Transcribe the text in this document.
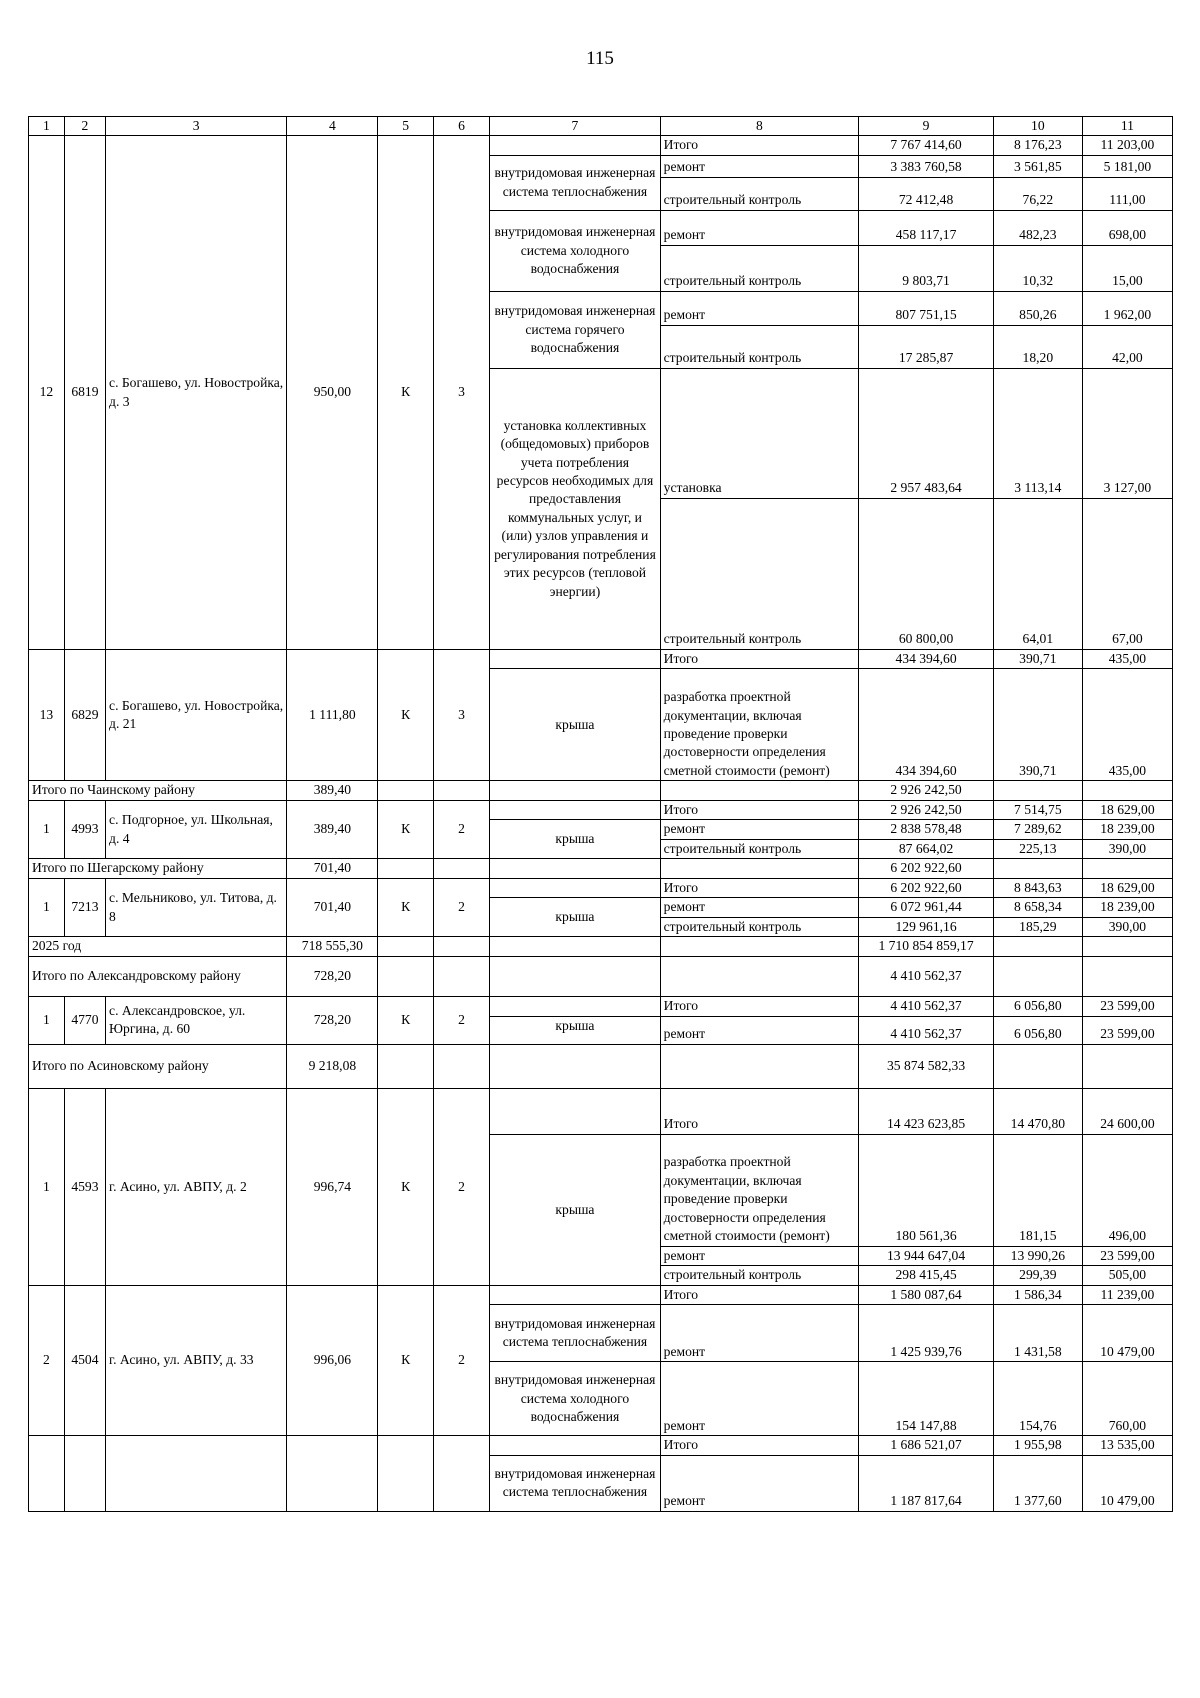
115
1	2	3	4	5	6	7	8	9	10	11
12	6819	с. Богашево, ул. Новостройка, д. 3	950,00	К	3		Итого	7 767 414,60	8 176,23	11 203,00
						внутридомовая инженерная система теплоснабжения	ремонт	3 383 760,58	3 561,85	5 181,00
							строительный контроль	72 412,48	76,22	111,00
						внутридомовая инженерная система холодного водоснабжения	ремонт	458 117,17	482,23	698,00
							строительный контроль	9 803,71	10,32	15,00
						внутридомовая инженерная система горячего водоснабжения	ремонт	807 751,15	850,26	1 962,00
							строительный контроль	17 285,87	18,20	42,00
						установка коллективных (общедомовых) приборов учета потребления ресурсов необходимых для предоставления коммунальных услуг, и (или) узлов управления и регулирования потребления этих ресурсов (тепловой энергии)	установка	2 957 483,64	3 113,14	3 127,00
							строительный контроль	60 800,00	64,01	67,00

13	6829	с. Богашево, ул. Новостройка, д. 21	1 111,80	К	3		Итого	434 394,60	390,71	435,00
						крыша	разработка проектной документации, включая проведение проверки достоверности определения сметной стоимости (ремонт)	434 394,60	390,71	435,00
Итого по Чаинскому району			389,40					2 926 242,50		
1	4993	с. Подгорное, ул. Школьная, д. 4	389,40	К	2		Итого	2 926 242,50	7 514,75	18 629,00
						крыша	ремонт	2 838 578,48	7 289,62	18 239,00
							строительный контроль	87 664,02	225,13	390,00
Итого по Шегарскому району			701,40					6 202 922,60		
1	7213	с. Мельниково, ул. Титова, д. 8	701,40	К	2		Итого	6 202 922,60	8 843,63	18 629,00
						крыша	ремонт	6 072 961,44	8 658,34	18 239,00
							строительный контроль	129 961,16	185,29	390,00
2025 год			718 555,30					1 710 854 859,17		
Итого по Александровскому району			728,20					4 410 562,37		
1	4770	с. Александровское, ул. Юргина, д. 60	728,20	К	2		Итого	4 410 562,37	6 056,80	23 599,00
						крыша	ремонт	4 410 562,37	6 056,80	23 599,00
Итого по Асиновскому району			9 218,08					35 874 582,33		
1	4593	г. Асино, ул. АВПУ, д. 2	996,74	К	2		Итого	14 423 623,85	14 470,80	24 600,00
						крыша	разработка проектной документации, включая проведение проверки достоверности определения сметной стоимости (ремонт)	180 561,36	181,15	496,00
							ремонт	13 944 647,04	13 990,26	23 599,00
							строительный контроль	298 415,45	299,39	505,00
2	4504	г. Асино, ул. АВПУ, д. 33	996,06	К	2		Итого	1 580 087,64	1 586,34	11 239,00
						внутридомовая инженерная система теплоснабжения	ремонт	1 425 939,76	1 431,58	10 479,00
						внутридомовая инженерная система холодного водоснабжения	ремонт	154 147,88	154,76	760,00
							Итого	1 686 521,07	1 955,98	13 535,00
						внутридомовая инженерная система теплоснабжения	ремонт	1 187 817,64	1 377,60	10 479,00
